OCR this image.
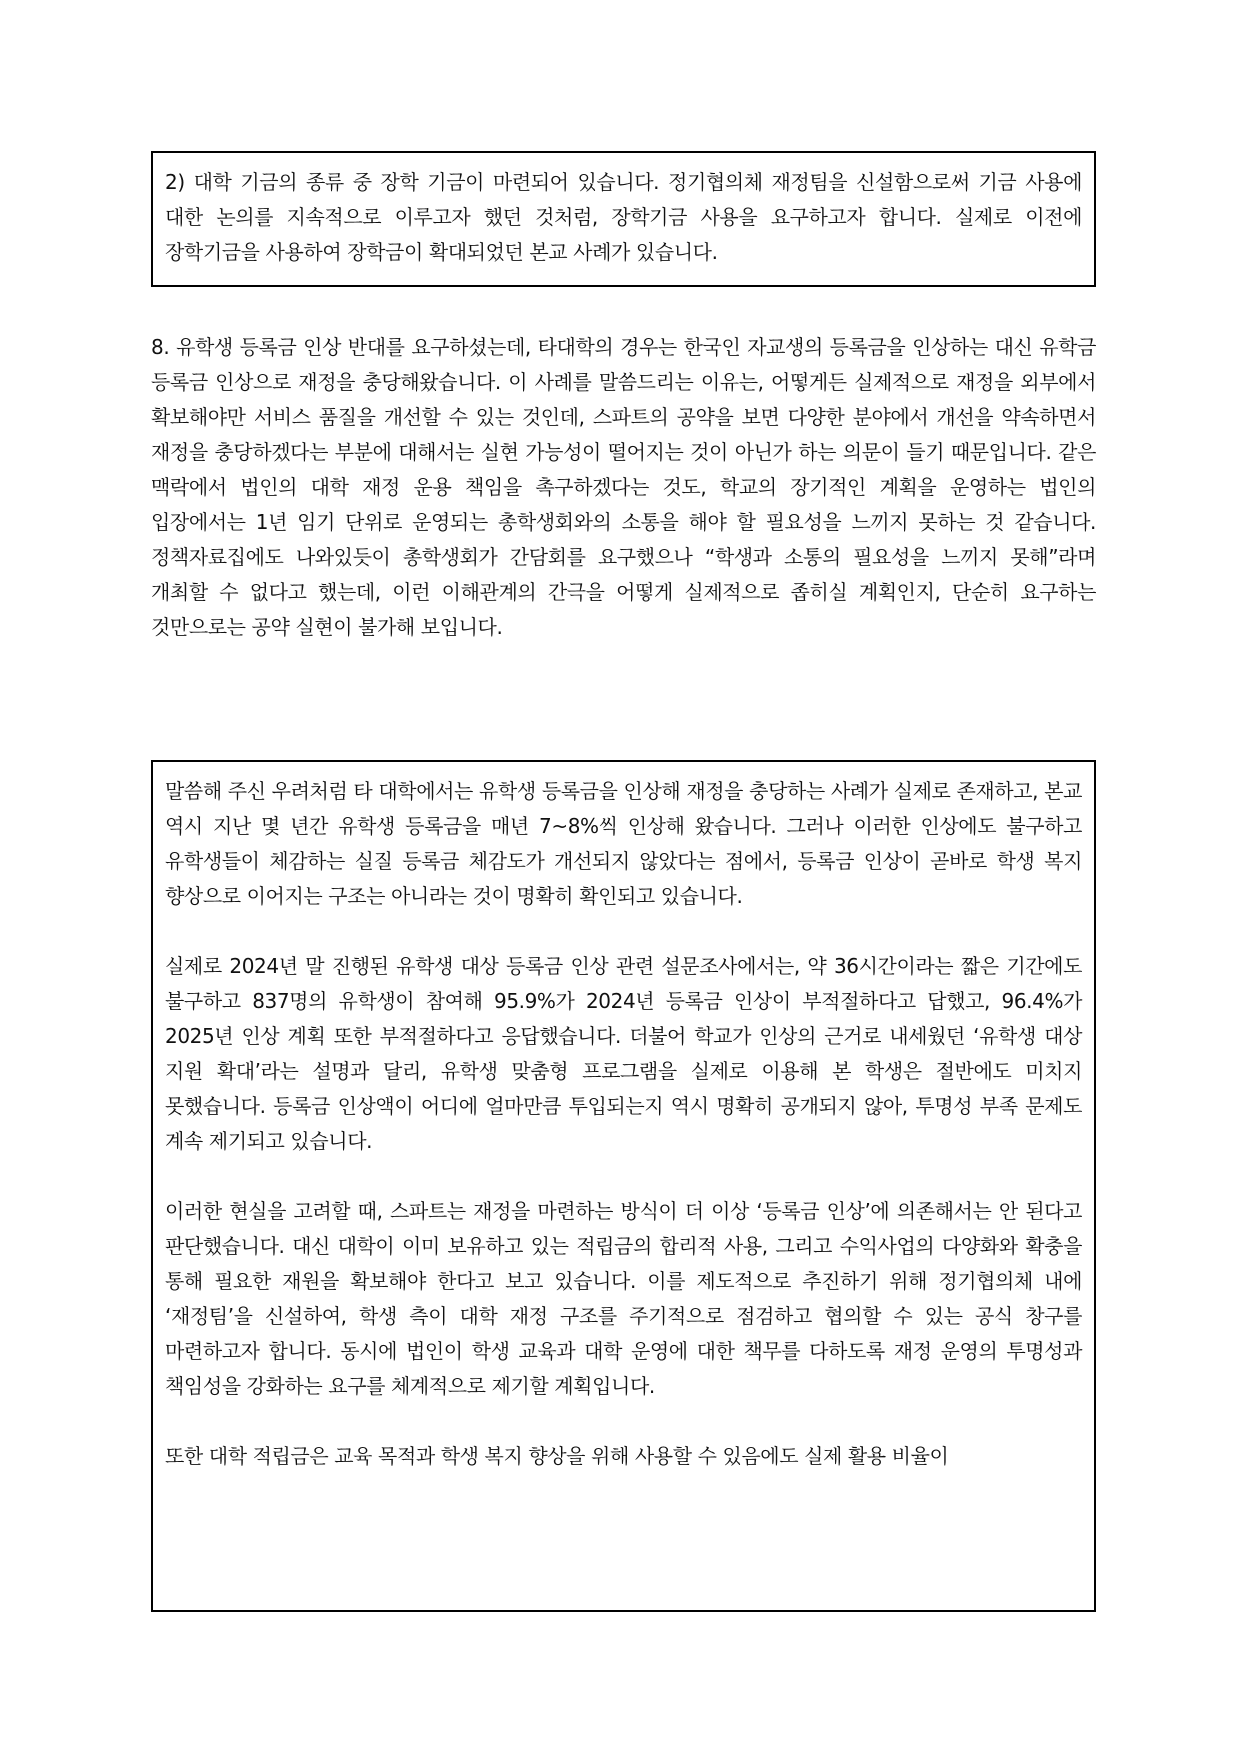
2) 대학 기금의 종류 중 장학 기금이 마련되어 있습니다. 정기협의체 재정팀을 신설함으로써 기금 사용에 대한 논의를 지속적으로 이루고자 했던 것처럼, 장학기금 사용을 요구하고자 합니다. 실제로 이전에 장학기금을 사용하여 장학금이 확대되었던 본교 사례가 있습니다.

8. 유학생 등록금 인상 반대를 요구하셨는데, 타대학의 경우는 한국인 자교생의 등록금을 인상하는 대신 유학금 등록금 인상으로 재정을 충당해왔습니다. 이 사례를 말씀드리는 이유는, 어떻게든 실제적으로 재정을 외부에서 확보해야만 서비스 품질을 개선할 수 있는 것인데, 스파트의 공약을 보면 다양한 분야에서 개선을 약속하면서 재정을 충당하겠다는 부분에 대해서는 실현 가능성이 떨어지는 것이 아닌가 하는 의문이 들기 때문입니다. 같은 맥락에서 법인의 대학 재정 운용 책임을 촉구하겠다는 것도, 학교의 장기적인 계획을 운영하는 법인의 입장에서는 1년 임기 단위로 운영되는 총학생회와의 소통을 해야 할 필요성을 느끼지 못하는 것 같습니다. 정책자료집에도 나와있듯이 총학생회가 간담회를 요구했으나 “학생과 소통의 필요성을 느끼지 못해”라며 개최할 수 없다고 했는데, 이런 이해관계의 간극을 어떻게 실제적으로 좁히실 계획인지, 단순히 요구하는 것만으로는 공약 실현이 불가해 보입니다.

말씀해 주신 우려처럼 타 대학에서는 유학생 등록금을 인상해 재정을 충당하는 사례가 실제로 존재하고, 본교 역시 지난 몇 년간 유학생 등록금을 매년 7~8%씩 인상해 왔습니다. 그러나 이러한 인상에도 불구하고 유학생들이 체감하는 실질 등록금 체감도가 개선되지 않았다는 점에서, 등록금 인상이 곧바로 학생 복지 향상으로 이어지는 구조는 아니라는 것이 명확히 확인되고 있습니다.

실제로 2024년 말 진행된 유학생 대상 등록금 인상 관련 설문조사에서는, 약 36시간이라는 짧은 기간에도 불구하고 837명의 유학생이 참여해 95.9%가 2024년 등록금 인상이 부적절하다고 답했고, 96.4%가 2025년 인상 계획 또한 부적절하다고 응답했습니다. 더불어 학교가 인상의 근거로 내세웠던 ‘유학생 대상 지원 확대’라는 설명과 달리, 유학생 맞춤형 프로그램을 실제로 이용해 본 학생은 절반에도 미치지 못했습니다. 등록금 인상액이 어디에 얼마만큼 투입되는지 역시 명확히 공개되지 않아, 투명성 부족 문제도 계속 제기되고 있습니다.

이러한 현실을 고려할 때, 스파트는 재정을 마련하는 방식이 더 이상 ‘등록금 인상’에 의존해서는 안 된다고 판단했습니다. 대신 대학이 이미 보유하고 있는 적립금의 합리적 사용, 그리고 수익사업의 다양화와 확충을 통해 필요한 재원을 확보해야 한다고 보고 있습니다. 이를 제도적으로 추진하기 위해 정기협의체 내에 ‘재정팀’을 신설하여, 학생 측이 대학 재정 구조를 주기적으로 점검하고 협의할 수 있는 공식 창구를 마련하고자 합니다. 동시에 법인이 학생 교육과 대학 운영에 대한 책무를 다하도록 재정 운영의 투명성과 책임성을 강화하는 요구를 체계적으로 제기할 계획입니다.

또한 대학 적립금은 교육 목적과 학생 복지 향상을 위해 사용할 수 있음에도 실제 활용 비율이
